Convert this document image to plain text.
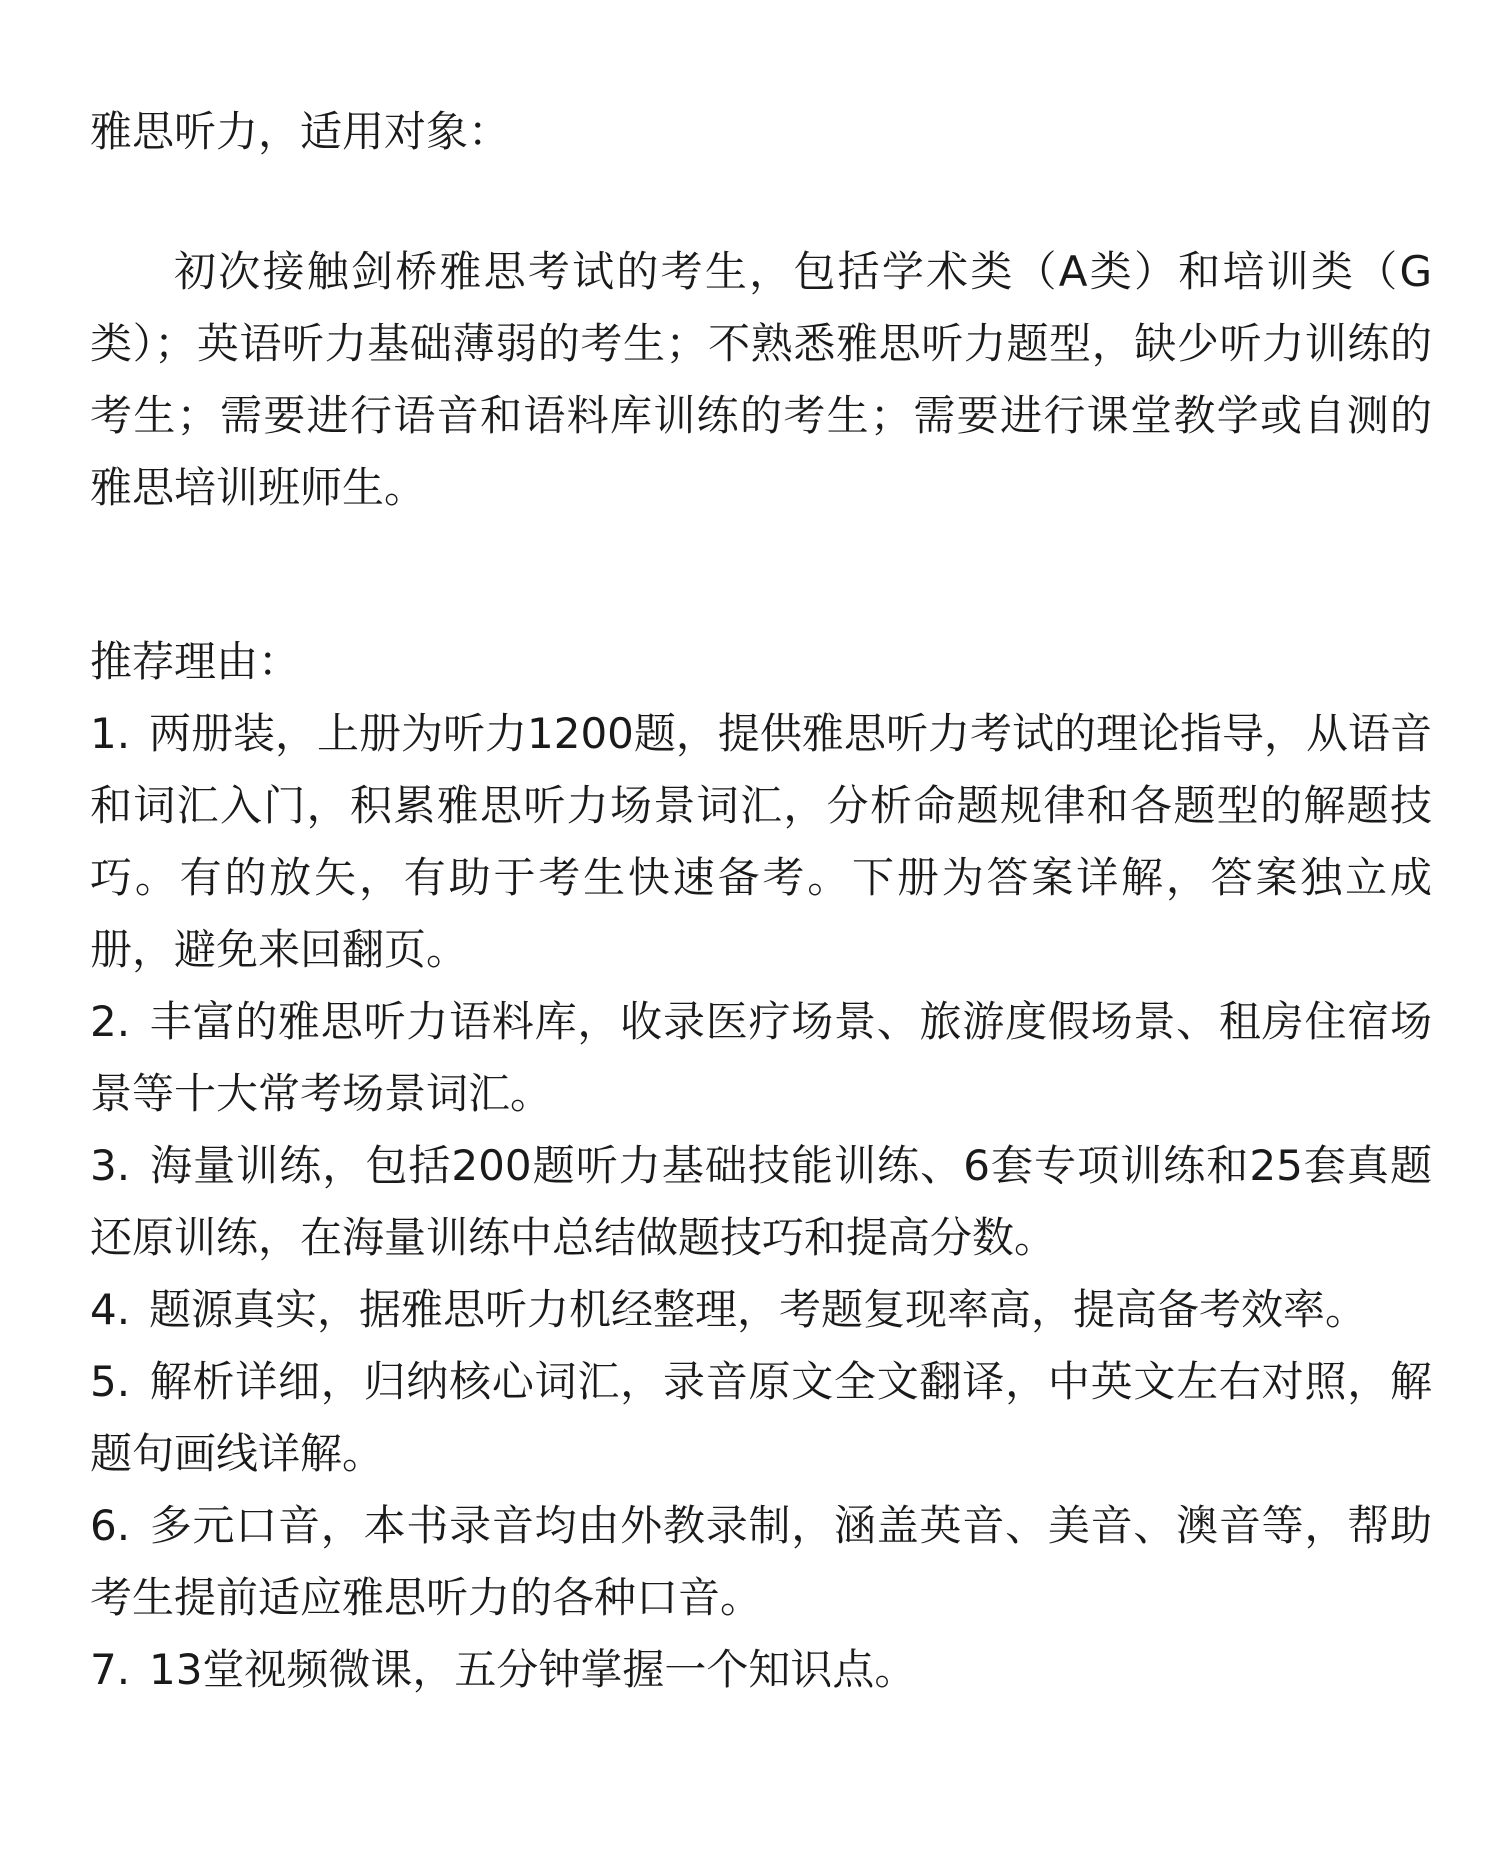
雅思听力，适用对象：

初次接触剑桥雅思考试的考生，包括学术类（A类）和培训类（G类）；英语听力基础薄弱的考生；不熟悉雅思听力题型，缺少听力训练的考生；需要进行语音和语料库训练的考生；需要进行课堂教学或自测的雅思培训班师生。

推荐理由：
1. 两册装，上册为听力1200题，提供雅思听力考试的理论指导，从语音和词汇入门，积累雅思听力场景词汇，分析命题规律和各题型的解题技巧。有的放矢，有助于考生快速备考。下册为答案详解，答案独立成册，避免来回翻页。
2. 丰富的雅思听力语料库，收录医疗场景、旅游度假场景、租房住宿场景等十大常考场景词汇。
3. 海量训练，包括200题听力基础技能训练、6套专项训练和25套真题还原训练，在海量训练中总结做题技巧和提高分数。
4. 题源真实，据雅思听力机经整理，考题复现率高，提高备考效率。
5. 解析详细，归纳核心词汇，录音原文全文翻译，中英文左右对照，解题句画线详解。
6. 多元口音，本书录音均由外教录制，涵盖英音、美音、澳音等，帮助考生提前适应雅思听力的各种口音。
7. 13堂视频微课，五分钟掌握一个知识点。
